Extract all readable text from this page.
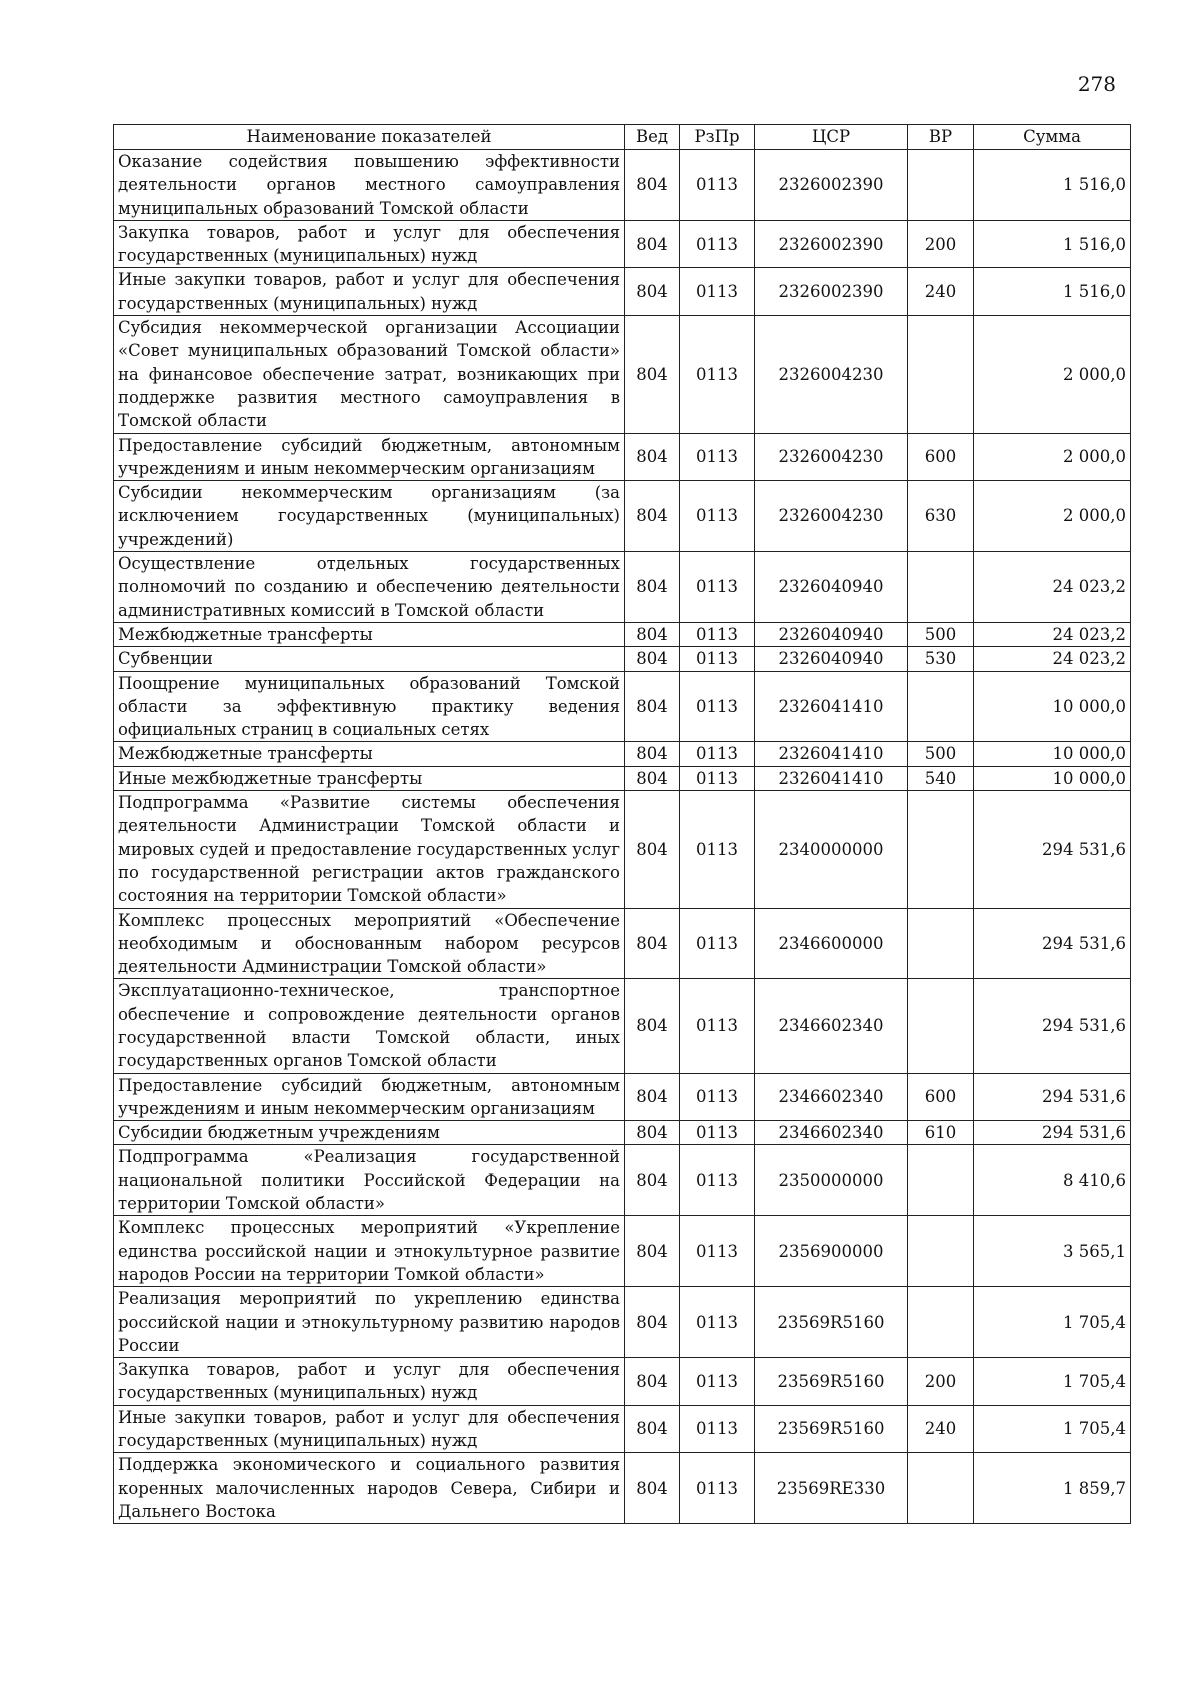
278
Наименование показателей	Вед	РзПр	ЦСР	ВР	Сумма
Оказание содействия повышению эффективности деятельности органов местного самоуправления муниципальных образований Томской области	804	0113	2326002390		1 516,0
Закупка товаров, работ и услуг для обеспечения государственных (муниципальных) нужд	804	0113	2326002390	200	1 516,0
Иные закупки товаров, работ и услуг для обеспечения государственных (муниципальных) нужд	804	0113	2326002390	240	1 516,0
Субсидия некоммерческой организации Ассоциации «Совет муниципальных образований Томской области» на финансовое обеспечение затрат, возникающих при поддержке развития местного самоуправления в Томской области	804	0113	2326004230		2 000,0
Предоставление субсидий бюджетным, автономным учреждениям и иным некоммерческим организациям	804	0113	2326004230	600	2 000,0
Субсидии некоммерческим организациям (за исключением государственных (муниципальных) учреждений)	804	0113	2326004230	630	2 000,0
Осуществление отдельных государственных полномочий по созданию и обеспечению деятельности административных комиссий в Томской области	804	0113	2326040940		24 023,2
Межбюджетные трансферты	804	0113	2326040940	500	24 023,2
Субвенции	804	0113	2326040940	530	24 023,2
Поощрение муниципальных образований Томской области за эффективную практику ведения официальных страниц в социальных сетях	804	0113	2326041410		10 000,0
Межбюджетные трансферты	804	0113	2326041410	500	10 000,0
Иные межбюджетные трансферты	804	0113	2326041410	540	10 000,0
Подпрограмма «Развитие системы обеспечения деятельности Администрации Томской области и мировых судей и предоставление государственных услуг по государственной регистрации актов гражданского состояния на территории Томской области»	804	0113	2340000000		294 531,6
Комплекс процессных мероприятий «Обеспечение необходимым и обоснованным набором ресурсов деятельности Администрации Томской области»	804	0113	2346600000		294 531,6
Эксплуатационно-техническое, транспортное обеспечение и сопровождение деятельности органов государственной власти Томской области, иных государственных органов Томской области	804	0113	2346602340		294 531,6
Предоставление субсидий бюджетным, автономным учреждениям и иным некоммерческим организациям	804	0113	2346602340	600	294 531,6
Субсидии бюджетным учреждениям	804	0113	2346602340	610	294 531,6
Подпрограмма «Реализация государственной национальной политики Российской Федерации на территории Томской области»	804	0113	2350000000		8 410,6
Комплекс процессных мероприятий «Укрепление единства российской нации и этнокультурное развитие народов России на территории Томкой области»	804	0113	2356900000		3 565,1
Реализация мероприятий по укреплению единства российской нации и этнокультурному развитию народов России	804	0113	23569R5160		1 705,4
Закупка товаров, работ и услуг для обеспечения государственных (муниципальных) нужд	804	0113	23569R5160	200	1 705,4
Иные закупки товаров, работ и услуг для обеспечения государственных (муниципальных) нужд	804	0113	23569R5160	240	1 705,4
Поддержка экономического и социального развития коренных малочисленных народов Севера, Сибири и Дальнего Востока	804	0113	23569RE330		1 859,7
